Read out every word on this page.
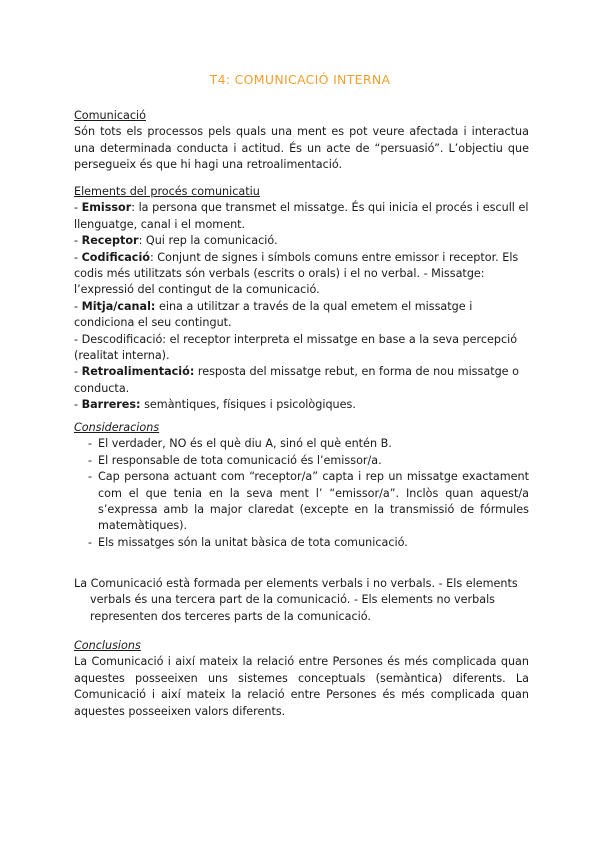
T4: COMUNICACIÓ INTERNA

Comunicació

Són tots els processos pels quals una ment es pot veure afectada i interactua una determinada conducta i actitud. És un acte de “persuasió”. L’objectiu que persegueix és que hi hagi una retroalimentació.

Elements del procés comunicatiu

- Emissor: la persona que transmet el missatge. És qui inicia el procés i escull el llenguatge, canal i el moment.

- Receptor: Qui rep la comunicació.

- Codificació: Conjunt de signes i símbols comuns entre emissor i receptor. Els codis més utilitzats són verbals (escrits o orals) i el no verbal. - Missatge: l’expressió del contingut de la comunicació.

- Mitja/canal: eina a utilitzar a través de la qual emetem el missatge i condiciona el seu contingut.

- Descodificació: el receptor interpreta el missatge en base a la seva percepció (realitat interna).

- Retroalimentació: resposta del missatge rebut, en forma de nou missatge o conducta.

- Barreres: semàntiques, físiques i psicològiques.

Consideracions

- El verdader, NO és el què diu A, sinó el què entén B.
- El responsable de tota comunicació és l’emissor/a.
- Cap persona actuant com “receptor/a” capta i rep un missatge exactament com el que tenia en la seva ment l’ “emissor/a”. Inclòs quan aquest/a s’expressa amb la major claredat (excepte en la transmissió de fórmules matemàtiques).
- Els missatges són la unitat bàsica de tota comunicació.

La Comunicació està formada per elements verbals i no verbals. - Els elements verbals és una tercera part de la comunicació. - Els elements no verbals representen dos terceres parts de la comunicació.

Conclusions

La Comunicació i així mateix la relació entre Persones és més complicada quan aquestes posseeixen uns sistemes conceptuals (semàntica) diferents. La Comunicació i així mateix la relació entre Persones és més complicada quan aquestes posseeixen valors diferents.
